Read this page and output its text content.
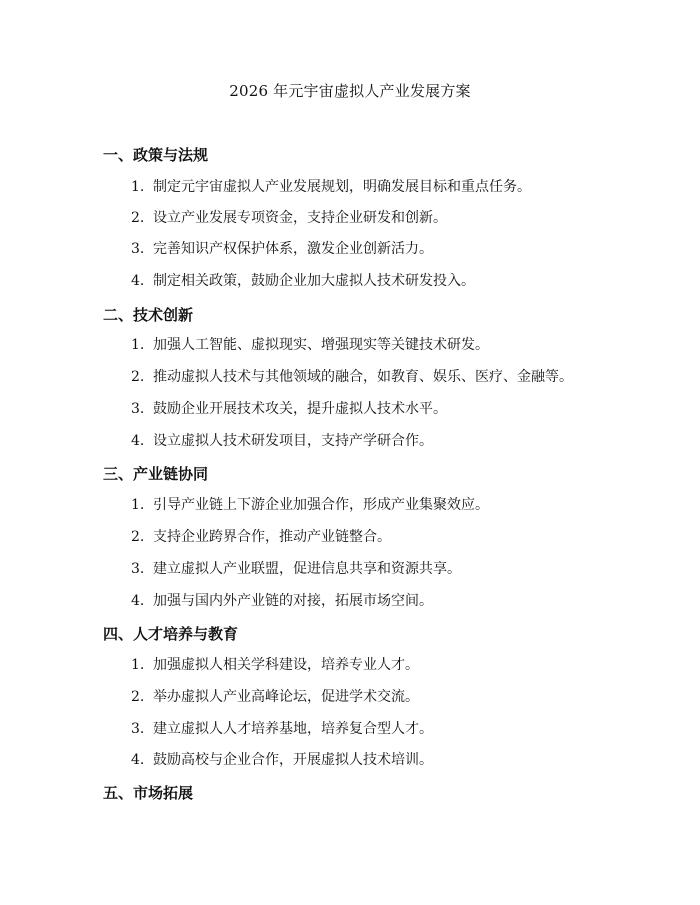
2026 年元宇宙虚拟人产业发展方案
一、政策与法规
1. 制定元宇宙虚拟人产业发展规划，明确发展目标和重点任务。
2. 设立产业发展专项资金，支持企业研发和创新。
3. 完善知识产权保护体系，激发企业创新活力。
4. 制定相关政策，鼓励企业加大虚拟人技术研发投入。
二、技术创新
1. 加强人工智能、虚拟现实、增强现实等关键技术研发。
2. 推动虚拟人技术与其他领域的融合，如教育、娱乐、医疗、金融等。
3. 鼓励企业开展技术攻关，提升虚拟人技术水平。
4. 设立虚拟人技术研发项目，支持产学研合作。
三、产业链协同
1. 引导产业链上下游企业加强合作，形成产业集聚效应。
2. 支持企业跨界合作，推动产业链整合。
3. 建立虚拟人产业联盟，促进信息共享和资源共享。
4. 加强与国内外产业链的对接，拓展市场空间。
四、人才培养与教育
1. 加强虚拟人相关学科建设，培养专业人才。
2. 举办虚拟人产业高峰论坛，促进学术交流。
3. 建立虚拟人人才培养基地，培养复合型人才。
4. 鼓励高校与企业合作，开展虚拟人技术培训。
五、市场拓展
